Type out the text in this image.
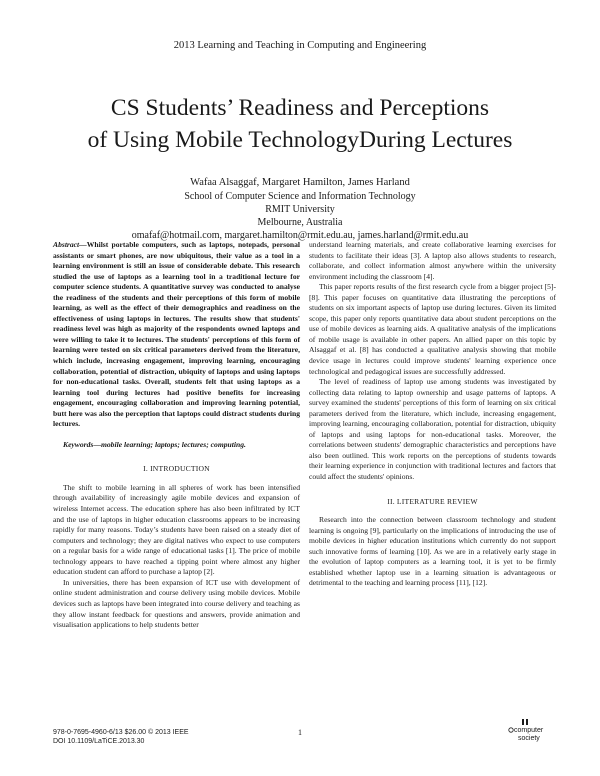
2013 Learning and Teaching in Computing and Engineering
CS Students’ Readiness and Perceptions
of Using Mobile TechnologyDuring Lectures
Wafaa Alsaggaf, Margaret Hamilton, James Harland
School of Computer Science and Information Technology
RMIT University
Melbourne, Australia
omafaf@hotmail.com, margaret.hamilton@rmit.edu.au, james.harland@rmit.edu.au

Abstract—Whilst portable computers, such as laptops, notepads, personal assistants or smart phones, are now ubiquitous, their value as a tool in a learning environment is still an issue of considerable debate. This research studied the use of laptops as a learning tool in a traditional lecture for computer science students. A quantitative survey was conducted to analyse the readiness of the students and their perceptions of this form of mobile learning, as well as the effect of their demographics and readiness on the effectiveness of using laptops in lectures. The results show that students' readiness level was high as majority of the respondents owned laptops and were willing to take it to lectures. The students' perceptions of this form of learning were tested on six critical parameters derived from the literature, which include, increasing engagement, improving learning, encouraging collaboration, potential of distraction, ubiquity of laptops and using laptops for non-educational tasks. Overall, students felt that using laptops as a learning tool during lectures had positive benefits for increasing engagement, encouraging collaboration and improving learning potential, butt here was also the perception that laptops could distract students during lectures.

Keywords—mobile learning; laptops; lectures; computing.

I. INTRODUCTION

The shift to mobile learning in all spheres of work has been intensified through availability of increasingly agile mobile devices and expansion of wireless Internet access. The education sphere has also been infiltrated by ICT and the use of laptops in higher education classrooms appears to be increasing rapidly for many reasons. Today’s students have been raised on a steady diet of computers and technology; they are digital natives who expect to use computers on a regular basis for a wide range of educational tasks [1]. The price of mobile technology appears to have reached a tipping point where almost any higher education student can afford to purchase a laptop [2].

In universities, there has been expansion of ICT use with development of online student administration and course delivery using mobile devices. Mobile devices such as laptops have been integrated into course delivery and teaching as they allow instant feedback for questions and answers, provide animation and visualisation applications to help students better

understand learning materials, and create collaborative learning exercises for students to facilitate their ideas [3]. A laptop also allows students to research, collaborate, and collect information almost anywhere within the university environment including the classroom [4].

This paper reports results of the first research cycle from a bigger project [5]-[8]. This paper focuses on quantitative data illustrating the perceptions of students on six important aspects of laptop use during lectures. Given its limited scope, this paper only reports quantitative data about student perceptions on the use of mobile devices as learning aids. A qualitative analysis of the implications of mobile usage is available in other papers. An allied paper on this topic by Alsaggaf et al. [8] has conducted a qualitative analysis showing that mobile device usage in lectures could improve students' learning experience once technological and pedagogical issues are successfully addressed.

The level of readiness of laptop use among students was investigated by collecting data relating to laptop ownership and usage patterns of laptops. A survey examined the students' perceptions of this form of learning on six critical parameters derived from the literature, which include, increasing engagement, improving learning, encouraging collaboration, potential for distraction, ubiquity of laptops and using laptops for non-educational tasks. Moreover, the correlations between students' demographic characteristics and perceptions have also been outlined. This work reports on the perceptions of students towards their learning experience in conjunction with traditional lectures and factors that could affect the students' opinions.

II. LITERATURE REVIEW

Research into the connection between classroom technology and student learning is ongoing [9], particularly on the implications of introducing the use of mobile devices in higher education institutions which currently do not support such innovative forms of learning [10]. As we are in a relatively early stage in the evolution of laptop computers as a learning tool, it is yet to be firmly established whether laptop use in a learning situation is advantageous or detrimental to the teaching and learning process [11], [12].

978-0-7695-4960-6/13 $26.00 © 2013 IEEE
DOI 10.1109/LaTiCE.2013.30
1	computer
society
